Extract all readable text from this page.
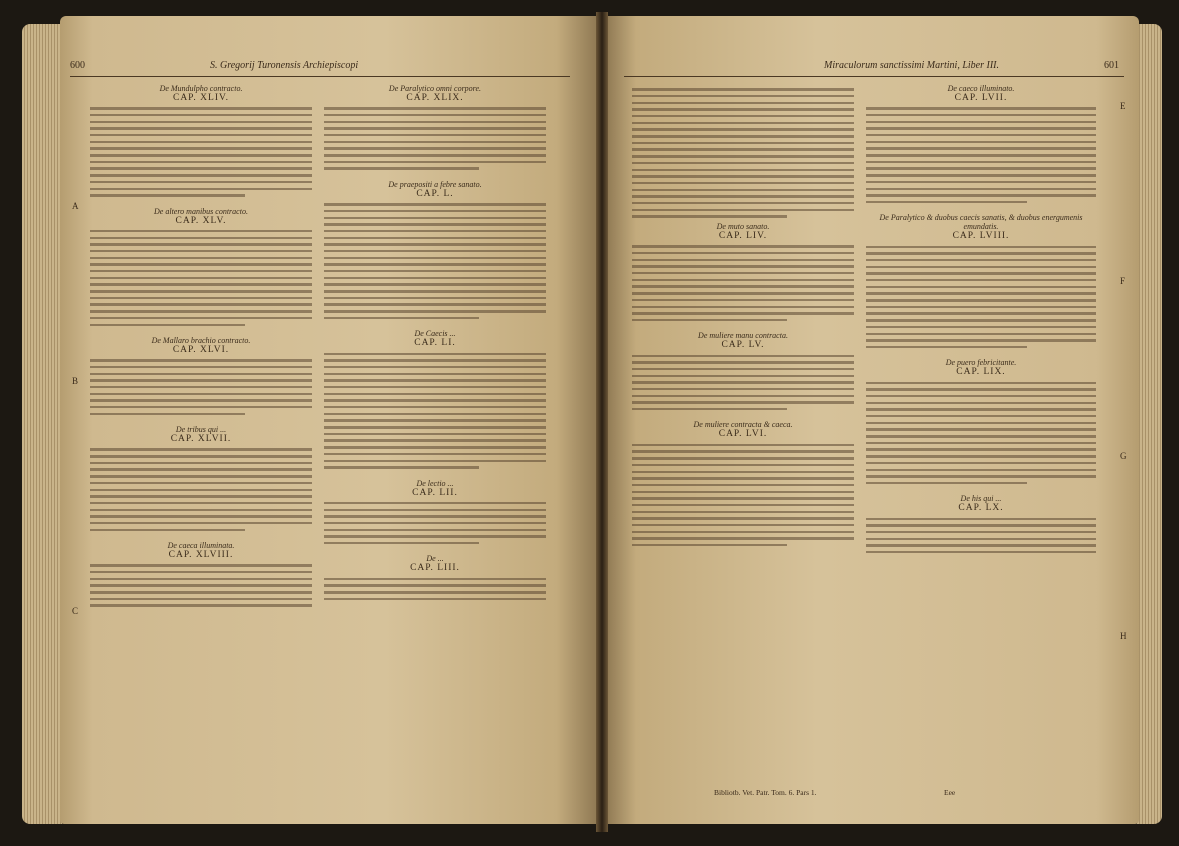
600	S. Gregorij Turonensis Archiepiscopi
A
B
C
De Mundulpho contracto.
CAP. XLIV.
De altero manibus contracto.
CAP. XLV.
De Mallaro brachio contracto.
CAP. XLVI.
De tribus qui ...
CAP. XLVII.
De caeca illuminata.
CAP. XLVIII.
De Paralytico omni corpore.
CAP. XLIX.
De praepositi a febre sanato.
CAP. L.
De Caecis ...
CAP. LI.
De lectio ...
CAP. LII.
De ...
CAP. LIII.
Miraculorum sanctissimi Martini, Liber III.	601
E
F
G
H
De muto sanato.
CAP. LIV.
De muliere manu contracta.
CAP. LV.
De muliere contracta & caeca.
CAP. LVI.
De caeco illuminato.
CAP. LVII.
De Paralytico & duobus caecis sanatis, & duobus energumenis emundatis.
CAP. LVIII.
De puero febricitante.
CAP. LIX.
De his qui ...
CAP. LX.
Bibliotb. Vet. Patr. Tom. 6. Pars 1.	Eee
